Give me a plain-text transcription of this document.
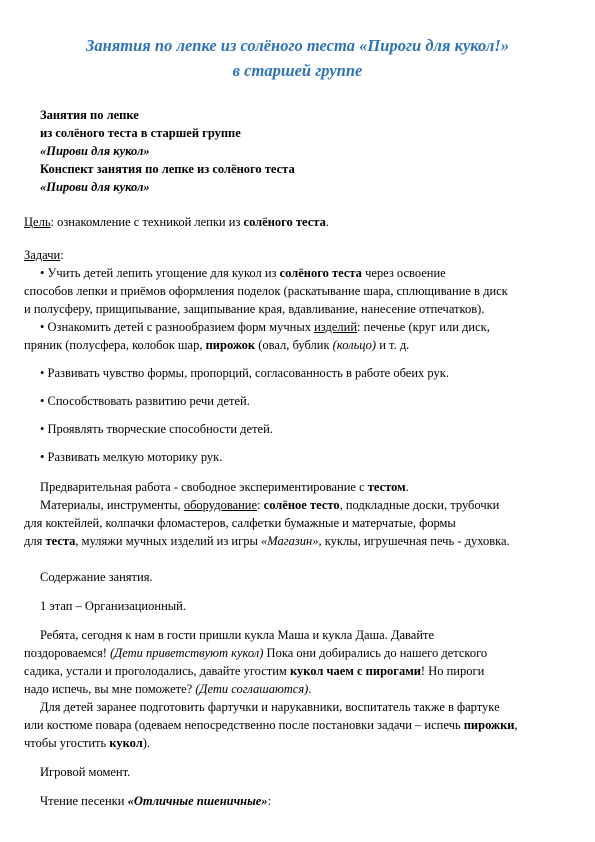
Занятия по лепке из солёного теста «Пироги для кукол!»
в старшей группе
Занятия по лепке
из солёного теста в старшей группе
«Пирови для кукол»
Конспект занятия по лепке из солёного теста
«Пирови для кукол»
Цель: ознакомление с техникой лепки из солёного теста.
Задачи:
• Учить детей лепить угощение для кукол из солёного теста через освоение
способов лепки и приёмов оформления поделок (раскатывание шара, сплющивание в диск
и полусферу, прищипывание, защипывание края, вдавливание, нанесение отпечатков).
• Ознакомить детей с разнообразием форм мучных изделий: печенье (круг или диск,
пряник (полусфера, колобок шар, пирожок (овал, бублик (кольцо) и т. д.
• Развивать чувство формы, пропорций, согласованность в работе обеих рук.
• Способствовать развитию речи детей.
• Проявлять творческие способности детей.
• Развивать мелкую моторику рук.
Предварительная работа - свободное экспериментирование с тестом.
Материалы, инструменты, оборудование: солёное тесто, подкладные доски, трубочки
для коктейлей, колпачки фломастеров, салфетки бумажные и матерчатые, формы
для теста, муляжи мучных изделий из игры «Магазин», куклы, игрушечная печь - духовка.
Содержание занятия.
1 этап – Организационный.
Ребята, сегодня к нам в гости пришли кукла Маша и кукла Даша. Давайте
поздороваемся! (Дети приветствуют кукол) Пока они добирались до нашего детского
садика, устали и проголодались, давайте угостим кукол чаем с пирогами! Но пироги
надо испечь, вы мне поможете? (Дети соглашаются).
Для детей заранее подготовить фартучки и нарукавники, воспитатель также в фартуке
или костюме повара (одеваем непосредственно после постановки задачи – испечь пирожки,
чтобы угостить кукол).
Игровой момент.
Чтение песенки «Отличные пшеничные»:
